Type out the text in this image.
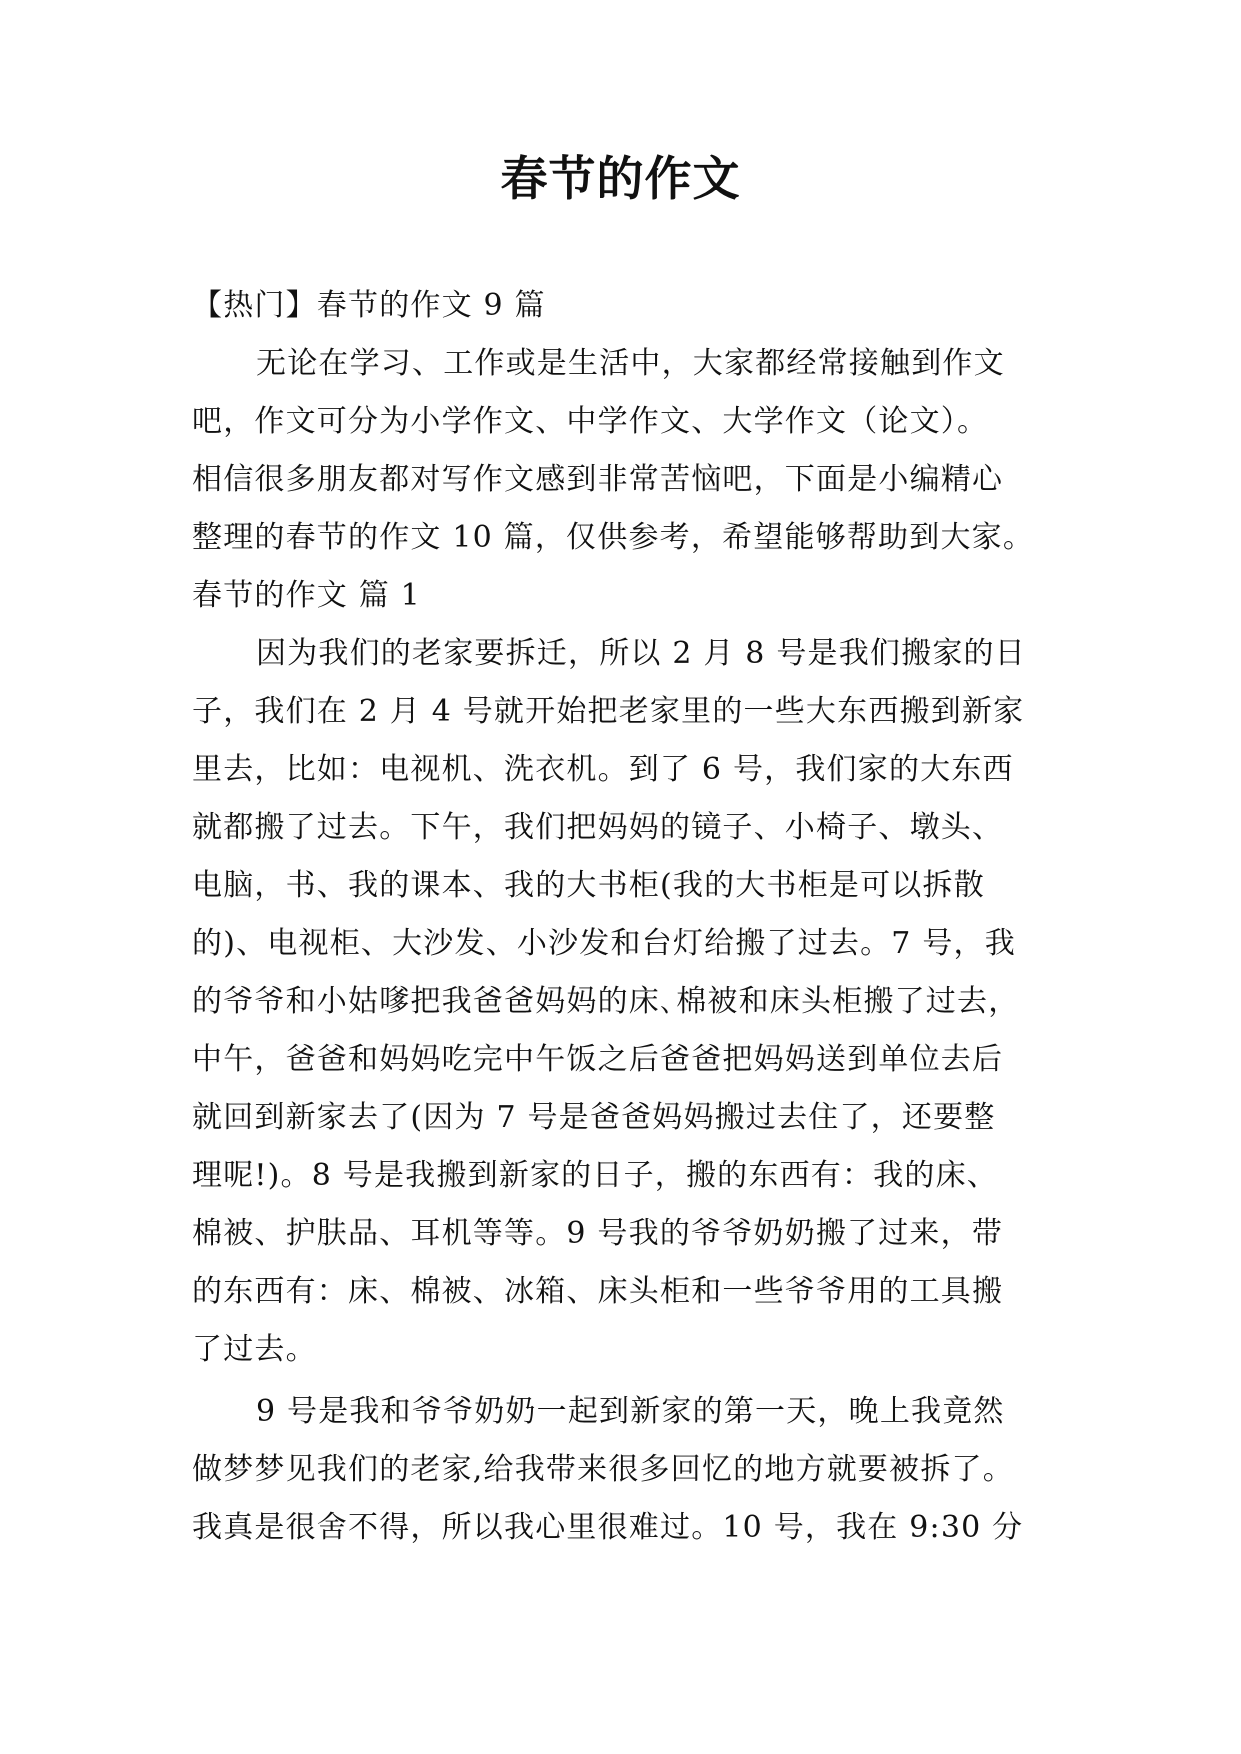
春节的作文
【热门】春节的作文 9 篇
无论在学习、工作或是生活中，大家都经常接触到作文
吧，作文可分为小学作文、中学作文、大学作文（论文）。
相信很多朋友都对写作文感到非常苦恼吧，下面是小编精心
整理的春节的作文 10 篇，仅供参考，希望能够帮助到大家。
春节的作文 篇 1
因为我们的老家要拆迁，所以 2 月 8 号是我们搬家的日
子，我们在 2 月 4 号就开始把老家里的一些大东西搬到新家
里去，比如：电视机、洗衣机。到了 6 号，我们家的大东西
就都搬了过去。下午，我们把妈妈的镜子、小椅子、墩头、
电脑，书、我的课本、我的大书柜(我的大书柜是可以拆散
的)、电视柜、大沙发、小沙发和台灯给搬了过去。7 号，我
的爷爷和小姑嗲把我爸爸妈妈的床､棉被和床头柜搬了过去，
中午，爸爸和妈妈吃完中午饭之后爸爸把妈妈送到单位去后
就回到新家去了(因为 7 号是爸爸妈妈搬过去住了，还要整
理呢!)。8 号是我搬到新家的日子，搬的东西有：我的床、
棉被、护肤品、耳机等等。9 号我的爷爷奶奶搬了过来，带
的东西有：床、棉被、冰箱、床头柜和一些爷爷用的工具搬
了过去。
9 号是我和爷爷奶奶一起到新家的第一天，晚上我竟然
做梦梦见我们的老家,给我带来很多回忆的地方就要被拆了。
我真是很舍不得，所以我心里很难过。10 号，我在 9:30 分
